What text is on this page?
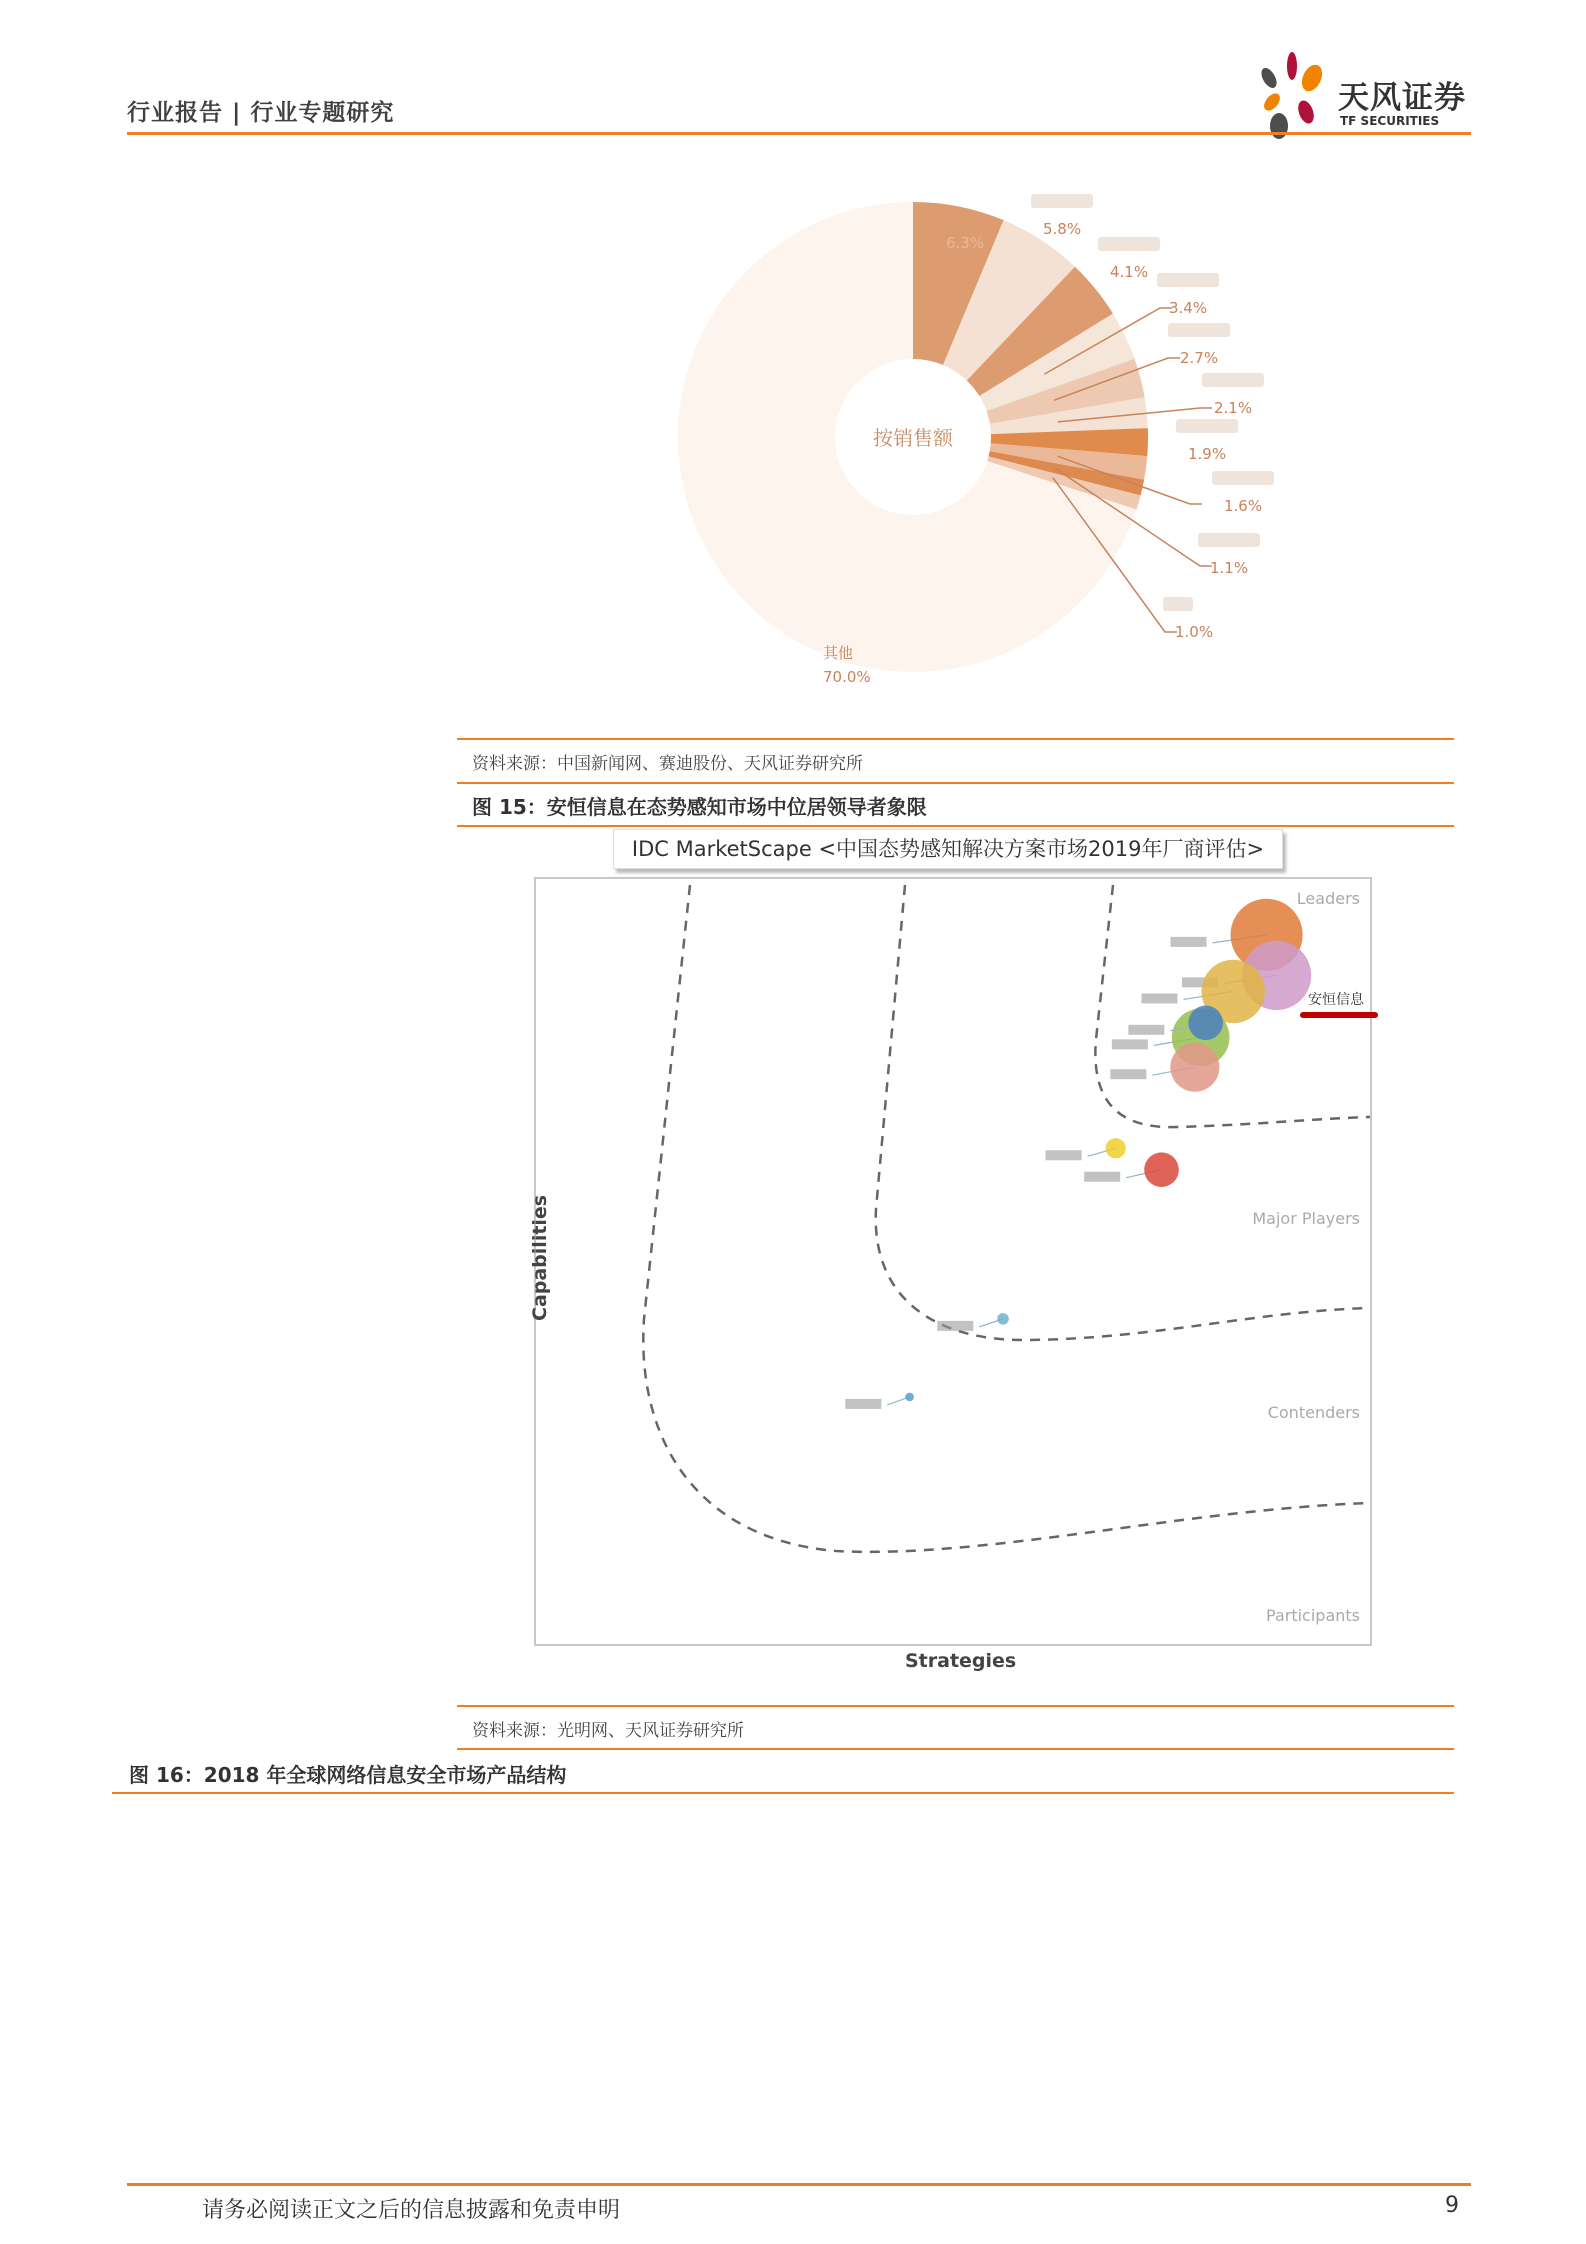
行业报告 | 行业专题研究	天风证券
TF SECURITIES
按销售额
6.3%
5.8%
4.1%
3.4%
2.7%
2.1%
1.9%
1.6%
1.1%
1.0%
其他
70.0%
资料来源：中国新闻网、赛迪股份、天风证券研究所
图 15：安恒信息在态势感知市场中位居领导者象限
IDC MarketScape <中国态势感知解决方案市场2019年厂商评估>
Leaders
Major Players
Contenders
Participants
安恒信息
Strategies
Capabilities
资料来源：光明网、天风证券研究所
图 16：2018 年全球网络信息安全市场产品结构
请务必阅读正文之后的信息披露和免责申明	9
